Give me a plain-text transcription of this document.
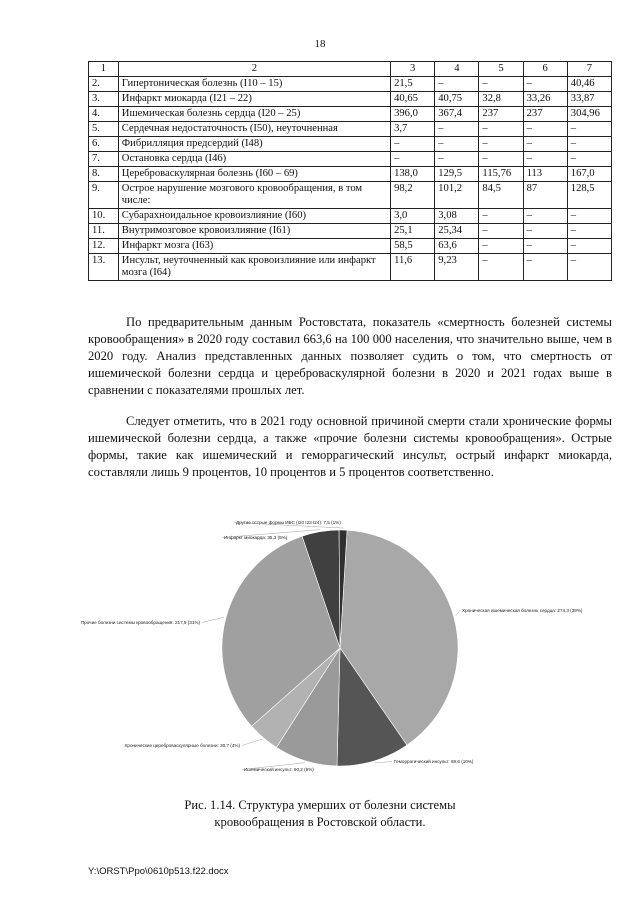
18
1	2	3	4	5	6	7
2.	Гипертоническая болезнь (I10 – 15)	21,5	–	–	–	40,46
3.	Инфаркт миокарда (I21 – 22)	40,65	40,75	32,8	33,26	33,87
4.	Ишемическая болезнь сердца (I20 – 25)	396,0	367,4	237	237	304,96
5.	Сердечная недостаточность (I50), неуточненная	3,7	–	–	–	–
6.	Фибрилляция предсердий (I48)	–	–	–	–	–
7.	Остановка сердца (I46)	–	–	–	–	–
8.	Цереброваскулярная болезнь (I60 – 69)	138,0	129,5	115,76	113	167,0
9.	Острое нарушение мозгового кровообращения, в том числе:	98,2	101,2	84,5	87	128,5
10.	Субарахноидальное кровоизлияние (I60)	3,0	3,08	–	–	–
11.	Внутримозговое кровоизлияние (I61)	25,1	25,34	–	–	–
12.	Инфаркт мозга (I63)	58,5	63,6	–	–	–
13.	Инсульт, неуточненный как кровоизлияние или инфаркт мозга (I64)	11,6	9,23	–	–	–

По предварительным данным Ростовстата, показатель «смертность болезней системы кровообращения» в 2020 году составил 663,6 на 100 000 населения, что значительно выше, чем в 2020 году. Анализ представленных данных позволяет судить о том, что смертность от ишемической болезни сердца и цереброваскулярной болезни в 2020 и 2021 годах выше в сравнении с показателями прошлых лет.

Следует отметить, что в 2021 году основной причиной смерти стали хронические формы ишемической болезни сердца, а также «прочие болезни системы кровообращения». Острые формы, такие как ишемический и геморрагический инсульт, острый инфаркт миокарда, составляли лишь 9 процентов, 10 процентов и 5 процентов соответственно.

Хроническая ишемическая болезнь сердца: 274,3 (39%)
Геморрагический инсульт: 69,6 (10%)
Ишемический инсульт: 60,2 (9%)
Хронические цереброваскулярные болезни: 30,7 (4%)
Прочие болезни системы кровообращения: 217,9 (31%)
Инфаркт миокарда: 35,3 (5%)
Другие острые формы ИБС (I20 I23 I24): 7,5 (1%)
Рис. 1.14. Структура умерших от болезни системы
кровообращения в Ростовской области.
Y:\ORST\Ppo\0610p513.f22.docx
